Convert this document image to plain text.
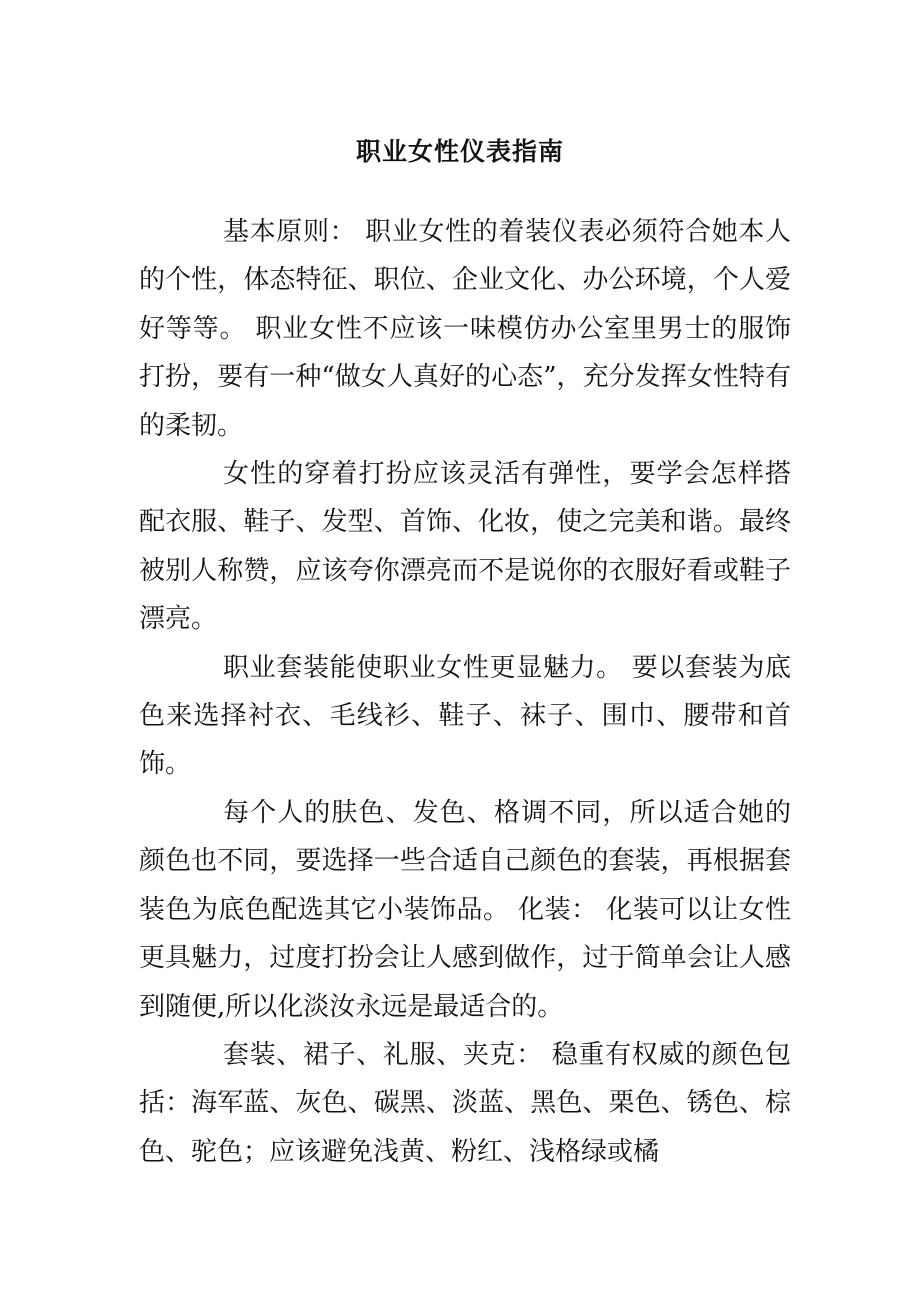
职业女性仪表指南

基本原则： 职业女性的着装仪表必须符合她本人的个性，体态特征、职位、企业文化、办公环境，个人爱好等等。 职业女性不应该一味模仿办公室里男士的服饰打扮，要有一种“做女人真好的心态”，充分发挥女性特有的柔韧。

女性的穿着打扮应该灵活有弹性，要学会怎样搭配衣服、鞋子、发型、首饰、化妆，使之完美和谐。最终被别人称赞，应该夸你漂亮而不是说你的衣服好看或鞋子漂亮。

职业套装能使职业女性更显魅力。 要以套装为底色来选择衬衣、毛线衫、鞋子、袜子、围巾、腰带和首饰。

每个人的肤色、发色、格调不同，所以适合她的颜色也不同，要选择一些合适自己颜色的套装，再根据套装色为底色配选其它小装饰品。 化装： 化装可以让女性更具魅力，过度打扮会让人感到做作，过于简单会让人感到随便,所以化淡汝永远是最适合的。

套装、裙子、礼服、夹克： 稳重有权威的颜色包括：海军蓝、灰色、碳黑、淡蓝、黑色、栗色、锈色、棕色、驼色；应该避免浅黄、粉红、浅格绿或橘
